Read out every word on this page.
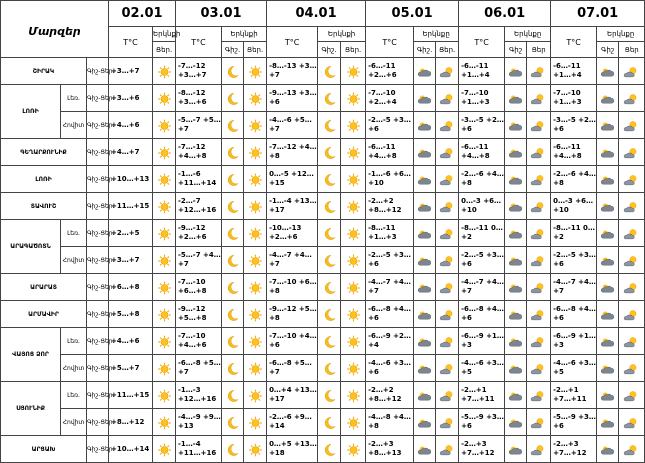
Մարզեր			02.01		03.01			04.01			05.01			06.01			07.01		
			T°C	Երկնքի	T°C	Երկնքի		T°C	Երկնքի		T°C	Երկնքը		T°C	Երկնքը		T°C	Երկնքը	
				Ցեր.		Գիշ.	Ցեր.		Գիշ.	Ցեր.		Գիշ.	Ցեր.		Գիշ	Ցեր		Գիշ	Ցեր
ՇԻՐԱԿ		Գիշ-Ցեր.	+3…+7		-7…-12 +3…+7			-8…-13 +3…+7			-6…-11 +2…+6			-6…-11 +1…+4			-6…-11 +1…+4	

ԼՈՌԻ	Լեռ.	Գիշ-Ցեր.	+3…+6		-8…-12 +3…+6			-9…-13 +3…+6			-7…-10 +2…+4			-7…-10 +1…+3			-7…-10 +1…+3	

	Հովիտ	Գիշ-Ցեր.	+4…+6		-5…-7 +5…+7			-4…-6 +5…+7			-2…-5 +3…+6			-3…-5 +2…+6			-3…-5 +2…+6	

ԳԵՂԱՐՔՈՒՆԻՔ		Գիշ-Ցեր.	+4…+7		-7…-12 +4…+8			-7…-12 +4…+8			-6…-11 +4…+8			-6…-11 +4…+8			-6…-11 +4…+8	

ԼՈՌԻ		Գիշ-Ցեր.	+10…+13		-1…-6 +11…+14			0…-5 +12…+15			-1…-6 +6…+10			-2…-6 +4…+8			-2…-6 +4…+8	

ՏԱՎՈՒՇ		Գիշ-Ցեր.	+11…+15		-2…-7 +12…+16			-1…-4 +13…+17			-2…+2 +8…+12			0…-3 +6…+10			0…-3 +6…+10	

ԱՐԱԳԱԾՈՏՆ	Լեռ.	Գիշ-Ցեր.	+2…+5		-9…-12 +2…+6			-10…-13 +2…+6			-8…-11 +1…+3			-8…-11 0…+2			-8…-11 0…+2	

	Հովիտ	Գիշ-Ցեր.	+3…+7		-5…-7 +4…+7			-4…-7 +4…+7			-2…-5 +3…+6			-2…-5 +3…+6			-2…-5 +3…+6	

ԱՐԱՐԱՏ		Գիշ-Ցեր.	+6…+8		-7…-10 +6…+8			-7…-10 +6…+8			-4…-7 +4…+7			-4…-7 +4…+7			-4…-7 +4…+7	

ԱՐՄԱՎԻՐ		Գիշ-Ցեր.	+5…+8		-9…-12 +5…+8			-9…-12 +5…+8			-6…-8 +4…+6			-6…-8 +4…+6			-6…-8 +4…+6	

ՎԱՅՈՑ ՁՈՐ	Լեռ.	Գիշ-Ցեր.	+4…+6		-7…-10 +4…+6			-7…-10 +4…+6			-6…-9 +2…+4			-6…-9 +1…+3			-6…-9 +1…+3	

	Հովիտ	Գիշ-Ցեր.	+5…+7		-6…-8 +5…+7			-6…-8 +5…+7			-4…-6 +3…+6			-4…-6 +3…+5			-4…-6 +3…+5	

ՍՅՈՒՆԻՔ	Լեռ.	Գիշ-Ցեր.	+11…+15		-1…-3 +12…+16			0…+4 +13…+17			-2…+2 +8…+12			-2…+1 +7…+11			-2…+1 +7…+11	

	Հովիտ	Գիշ-Ցեր.	+8…+12		-4…-9 +9…+13			-2…-6 +9…+14			-4…-8 +4…+8			-5…-9 +3…+6			-5…-9 +3…+6	

ԱՐՑԱԽ		Գիշ-Ցեր.	+10…+14		-1…-4 +11…+16			0…+5 +13…+18			-2…+3 +8…+13			-2…+3 +7…+12			-2…+3 +7…+12	
